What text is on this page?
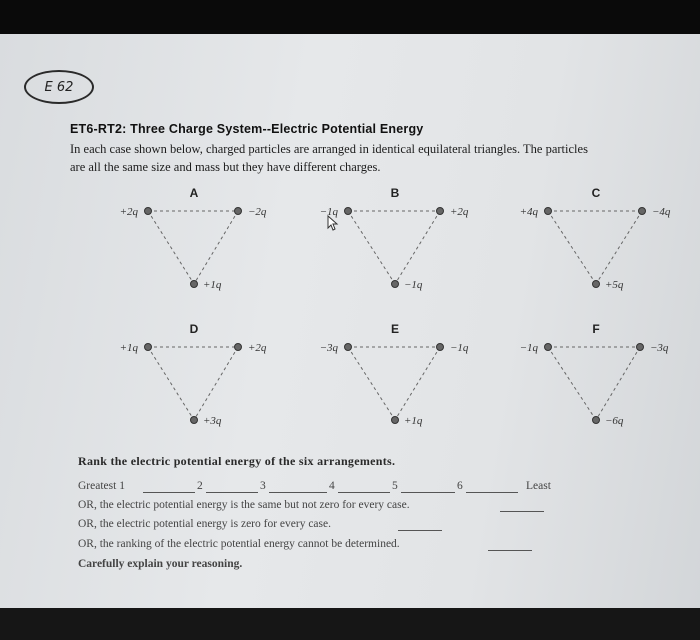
E 62
ET6-RT2: Three Charge System--Electric Potential Energy
In each case shown below, charged particles are arranged in identical equilateral triangles. The particles
are all the same size and mass but they have different charges.
A
+2q	−2q
+1q
B
−1q	+2q
−1q
C
+4q	−4q
+5q
D
+1q	+2q
+3q
E
−3q	−1q
+1q
F
−1q	−3q
−6q
Rank the electric potential energy of the six arrangements.
Greatest 1	2	3	4	5	6	Least
OR, the electric potential energy is the same but not zero for every case.
OR, the electric potential energy is zero for every case.
OR, the ranking of the electric potential energy cannot be determined.
Carefully explain your reasoning.
